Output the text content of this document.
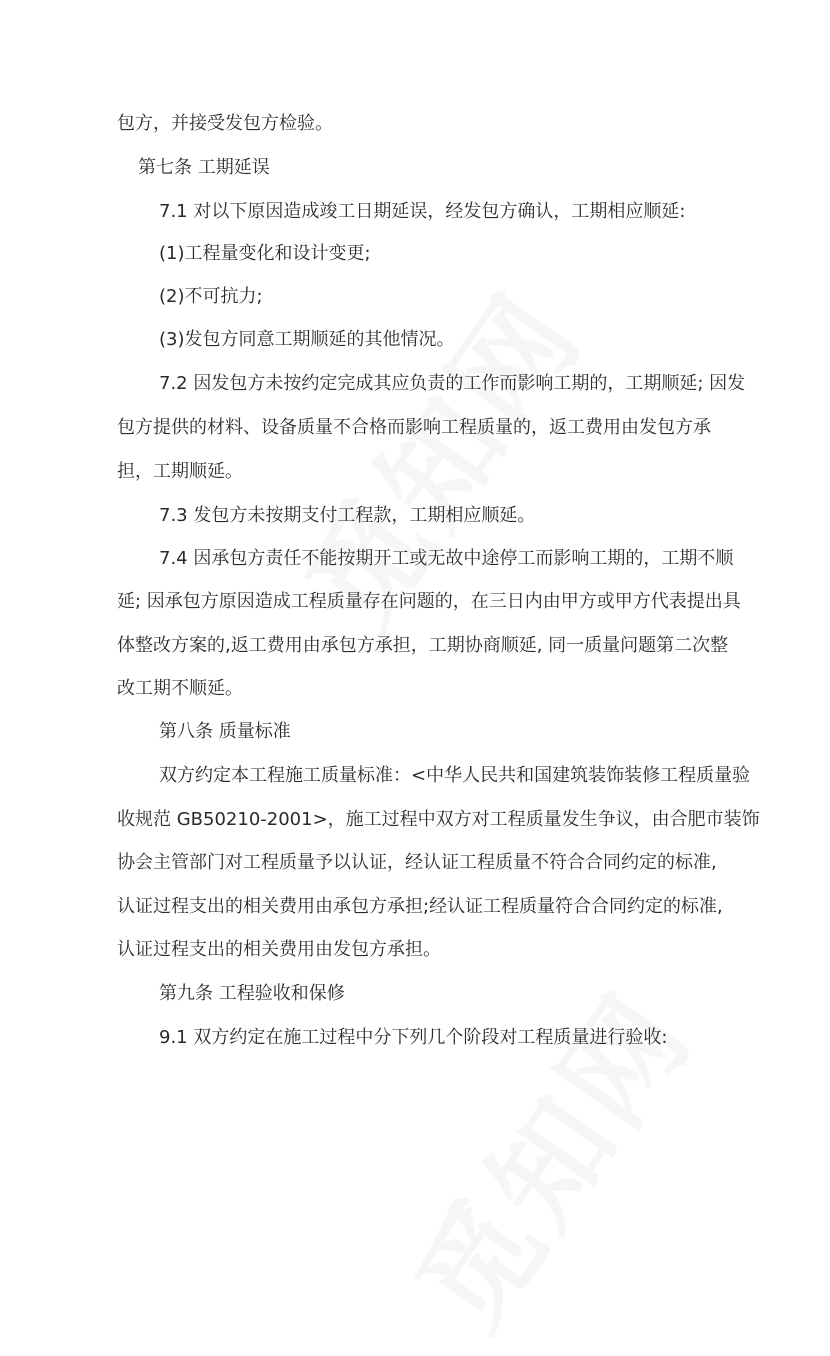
包方，并接受发包方检验。
第七条 工期延误
7.1 对以下原因造成竣工日期延误，经发包方确认，工期相应顺延:
(1)工程量变化和设计变更;
(2)不可抗力;
(3)发包方同意工期顺延的其他情况。
7.2 因发包方未按约定完成其应负责的工作而影响工期的，工期顺延; 因发
包方提供的材料、设备质量不合格而影响工程质量的，返工费用由发包方承
担，工期顺延。
7.3 发包方未按期支付工程款，工期相应顺延。
7.4 因承包方责任不能按期开工或无故中途停工而影响工期的，工期不顺
延; 因承包方原因造成工程质量存在问题的，在三日内由甲方或甲方代表提出具
体整改方案的,返工费用由承包方承担，工期协商顺延, 同一质量问题第二次整
改工期不顺延。
第八条 质量标准
双方约定本工程施工质量标准：<中华人民共和国建筑装饰装修工程质量验
收规范 GB50210-2001>，施工过程中双方对工程质量发生争议，由合肥市装饰
协会主管部门对工程质量予以认证，经认证工程质量不符合合同约定的标准,
认证过程支出的相关费用由承包方承担;经认证工程质量符合合同约定的标准,
认证过程支出的相关费用由发包方承担。
第九条 工程验收和保修
9.1 双方约定在施工过程中分下列几个阶段对工程质量进行验收:
